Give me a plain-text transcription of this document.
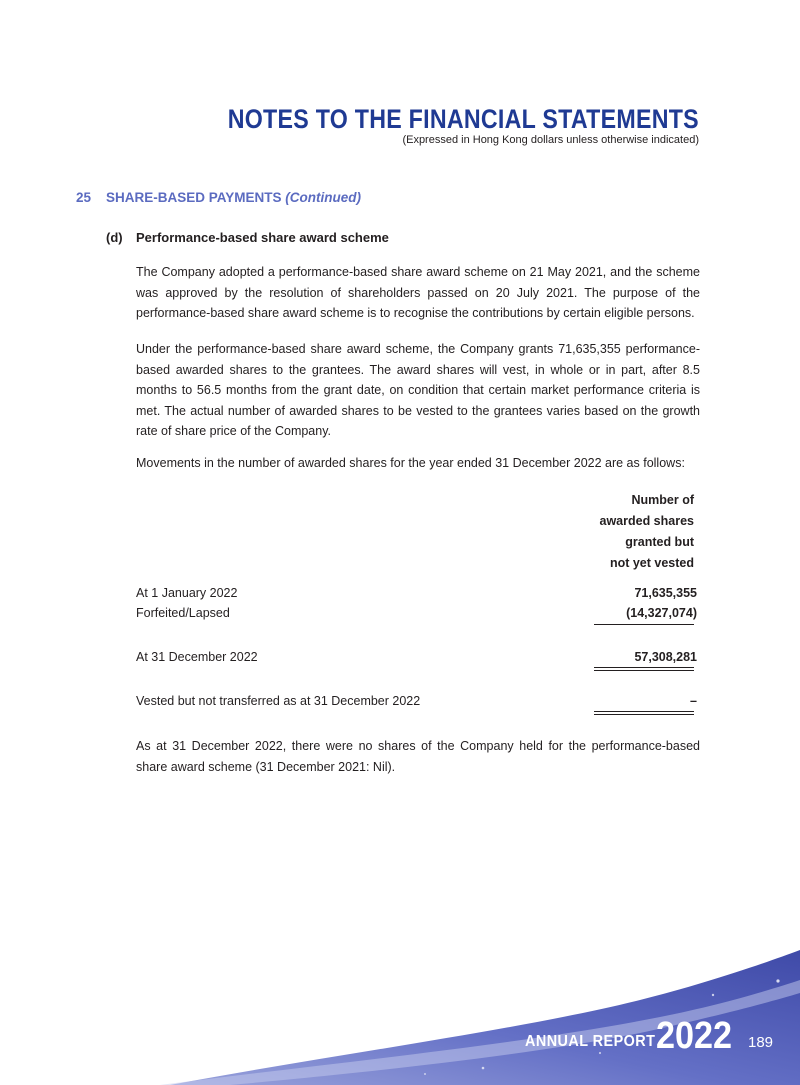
NOTES TO THE FINANCIAL STATEMENTS
(Expressed in Hong Kong dollars unless otherwise indicated)
25 SHARE-BASED PAYMENTS (Continued)
(d) Performance-based share award scheme

The Company adopted a performance-based share award scheme on 21 May 2021, and the scheme was approved by the resolution of shareholders passed on 20 July 2021. The purpose of the performance-based share award scheme is to recognise the contributions by certain eligible persons.

Under the performance-based share award scheme, the Company grants 71,635,355 performance-based awarded shares to the grantees. The award shares will vest, in whole or in part, after 8.5 months to 56.5 months from the grant date, on condition that certain market performance criteria is met. The actual number of awarded shares to be vested to the grantees varies based on the growth rate of share price of the Company.

Movements in the number of awarded shares for the year ended 31 December 2022 are as follows:

Number of
awarded shares
granted but
not yet vested
At 1 January 2022	71,635,355
Forfeited/Lapsed	(14,327,074)
At 31 December 2022	57,308,281
Vested but not transferred as at 31 December 2022	–

As at 31 December 2022, there were no shares of the Company held for the performance-based share award scheme (31 December 2021: Nil).

ANNUAL REPORT 2022 189
